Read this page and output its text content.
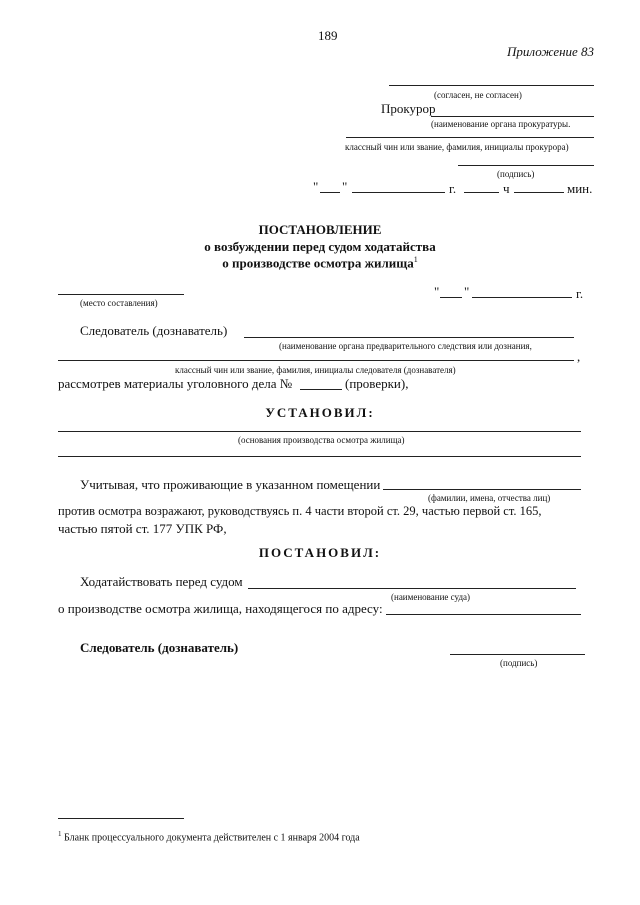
189
Приложение 83
(согласен, не согласен)
Прокурор
(наименование органа прокуратуры.
классный чин или звание, фамилия, инициалы прокурора)
(подпись)
" "	г.	ч	мин.
ПОСТАНОВЛЕНИЕ
о возбуждении перед судом ходатайства
о производстве осмотра жилища$^1$
(место составления)
" "	г.
Следователь (дознаватель)
(наименование органа предварительного следствия или дознания,
,
классный чин или звание, фамилия, инициалы следователя (дознавателя)
рассмотрев материалы уголовного дела №	(проверки),
УСТАНОВИЛ:
(основания производства осмотра жилища)
Учитывая, что проживающие в указанном помещении
(фамилии, имена, отчества лиц)
против осмотра возражают, руководствуясь п. 4 части второй ст. 29, частью первой ст. 165,
частью пятой ст. 177 УПК РФ,
ПОСТАНОВИЛ:
Ходатайствовать перед судом
(наименование суда)
о производстве осмотра жилища, находящегося по адресу:
Следователь (дознаватель)
(подпись)
$^1$ Бланк процессуального документа действителен с 1 января 2004 года
